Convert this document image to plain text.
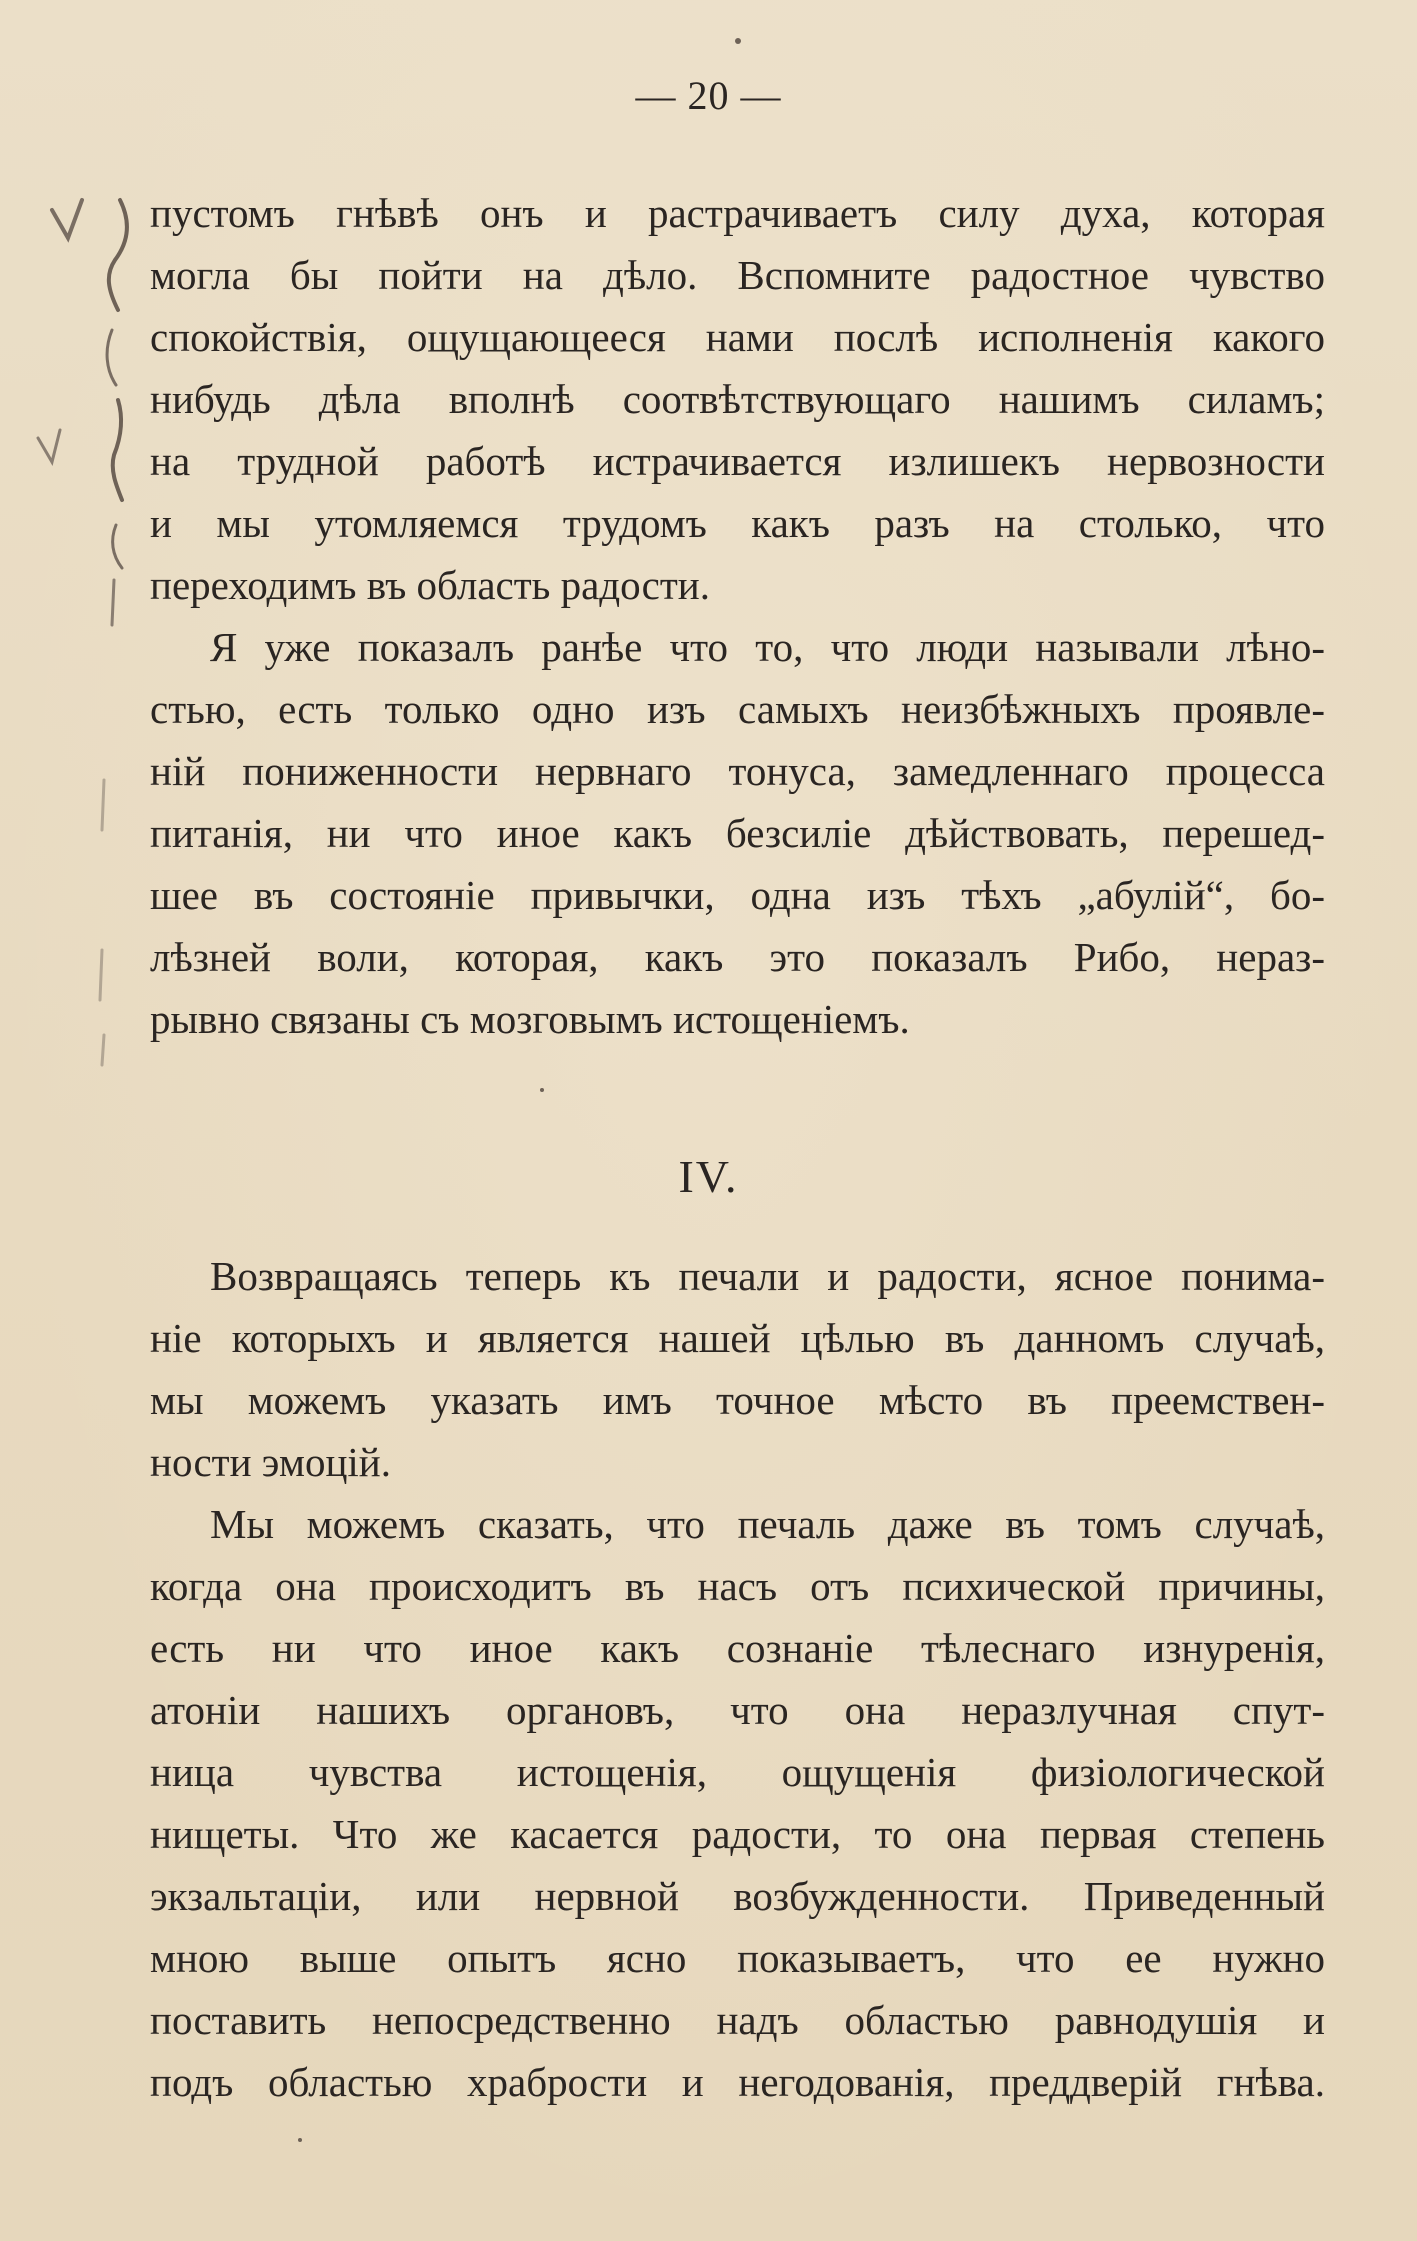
— 20 —
пустомъ гнѣвѣ онъ и растрачиваетъ силу духа, которая
могла бы пойти на дѣло. Вспомните радостное чувство
спокойствія, ощущающееся нами послѣ исполненія какого
нибудь дѣла вполнѣ соотвѣтствующаго нашимъ силамъ;
на трудной работѣ истрачивается излишекъ нервозности
и мы утомляемся трудомъ какъ разъ на столько, что
переходимъ въ область радости.
Я уже показалъ ранѣе что то, что люди называли лѣно-
стью, есть только одно изъ самыхъ неизбѣжныхъ проявле-
ній пониженности нервнаго тонуса, замедленнаго процесса
питанія, ни что иное какъ безсиліе дѣйствовать, перешед-
шее въ состояніе привычки, одна изъ тѣхъ „абулій“, бо-
лѣзней воли, которая, какъ это показалъ Рибо, нераз-
рывно связаны съ мозговымъ истощеніемъ.
IV.
Возвращаясь теперь къ печали и радости, ясное понима-
ніе которыхъ и является нашей цѣлью въ данномъ случаѣ,
мы можемъ указать имъ точное мѣсто въ преемствен-
ности эмоцій.
Мы можемъ сказать, что печаль даже въ томъ случаѣ,
когда она происходитъ въ насъ отъ психической причины,
есть ни что иное какъ сознаніе тѣлеснаго изнуренія,
атоніи нашихъ органовъ, что она неразлучная спут-
ница чувства истощенія, ощущенія физіологической
нищеты. Что же касается радости, то она первая степень
экзальтаціи, или нервной возбужденности. Приведенный
мною выше опытъ ясно показываетъ, что ее нужно
поставить непосредственно надъ областью равнодушія и
подъ областью храбрости и негодованія, преддверій гнѣва.
